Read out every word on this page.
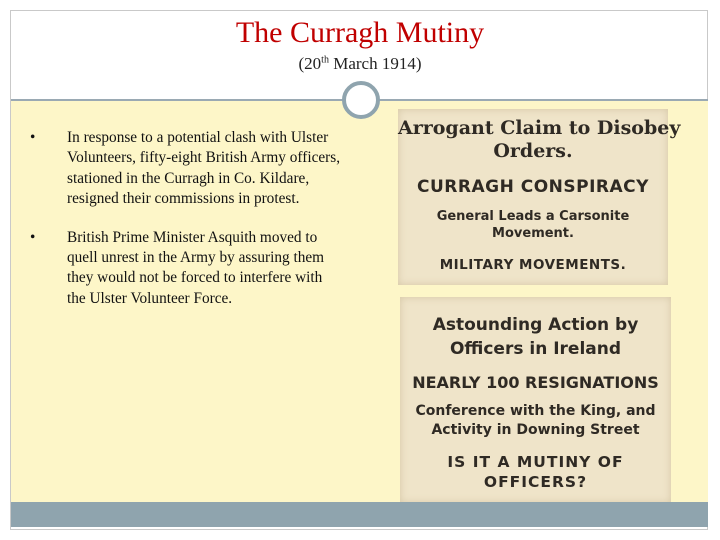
The Curragh Mutiny
(20th March 1914)
• In response to a potential clash with Ulster Volunteers, fifty-eight British Army officers, stationed in the Curragh in Co. Kildare, resigned their commissions in protest.
• British Prime Minister Asquith moved to quell unrest in the Army by assuring them they would not be forced to interfere with the Ulster Volunteer Force.
Arrogant Claim to Disobey
Orders.
CURRAGH CONSPIRACY
General Leads a Carsonite
Movement.
MILITARY MOVEMENTS.
Astounding Action by
Officers in Ireland
NEARLY 100 RESIGNATIONS
Conference with the King, and
Activity in Downing Street
IS IT A MUTINY OF
OFFICERS?
